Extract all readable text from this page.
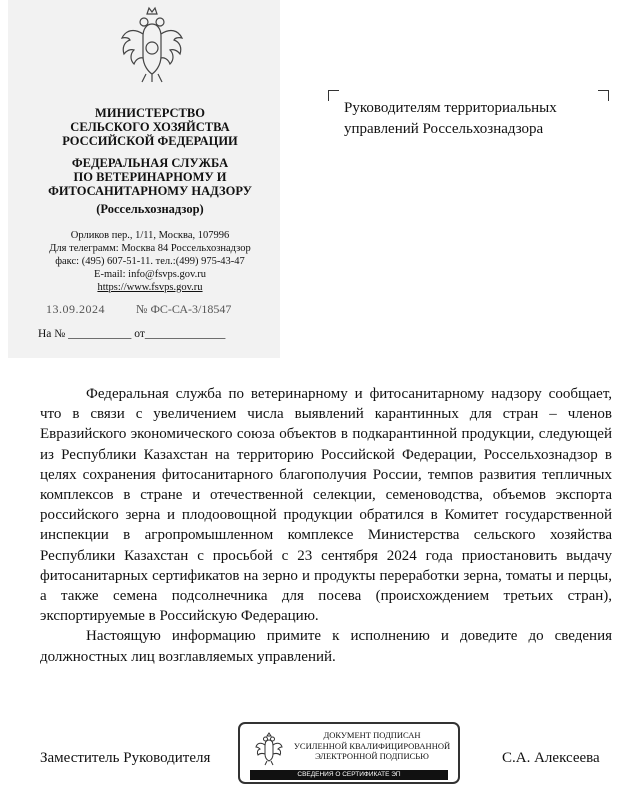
МИНИСТЕРСТВО
СЕЛЬСКОГО ХОЗЯЙСТВА
РОССИЙСКОЙ ФЕДЕРАЦИИ
ФЕДЕРАЛЬНАЯ СЛУЖБА
ПО ВЕТЕРИНАРНОМУ И
ФИТОСАНИТАРНОМУ НАДЗОРУ
(Россельхознадзор)
Орликов пер., 1/11, Москва, 107996
Для телеграмм: Москва 84 Россельхознадзор
факс: (495) 607-51-11. тел.:(499) 975-43-47
E-mail: info@fsvps.gov.ru
https://www.fsvps.gov.ru
13.09.2024	№ ФС-СА-3/18547
На № ___________ от______________
Руководителям территориальных управлений Россельхознадзора

Федеральная служба по ветеринарному и фитосанитарному надзору сообщает, что в связи с увеличением числа выявлений карантинных для стран – членов Евразийского экономического союза объектов в подкарантинной продукции, следующей из Республики Казахстан на территорию Российской Федерации, Россельхознадзор в целях сохранения фитосанитарного благополучия России, темпов развития тепличных комплексов в стране и отечественной селекции, семеноводства, объемов экспорта российского зерна и плодоовощной продукции обратился в Комитет государственной инспекции в агропромышленном комплексе Министерства сельского хозяйства Республики Казахстан с просьбой с 23 сентября 2024 года приостановить выдачу фитосанитарных сертификатов на зерно и продукты переработки зерна, томаты и перцы, а также семена подсолнечника для посева (происхождением третьих стран), экспортируемые в Российскую Федерацию.

Настоящую информацию примите к исполнению и доведите до сведения должностных лиц возглавляемых управлений.

Заместитель Руководителя
ДОКУМЕНТ ПОДПИСАН
УСИЛЕННОЙ КВАЛИФИЦИРОВАННОЙ
ЭЛЕКТРОННОЙ ПОДПИСЬЮ
СВЕДЕНИЯ О СЕРТИФИКАТЕ ЭП
С.А. Алексеева
